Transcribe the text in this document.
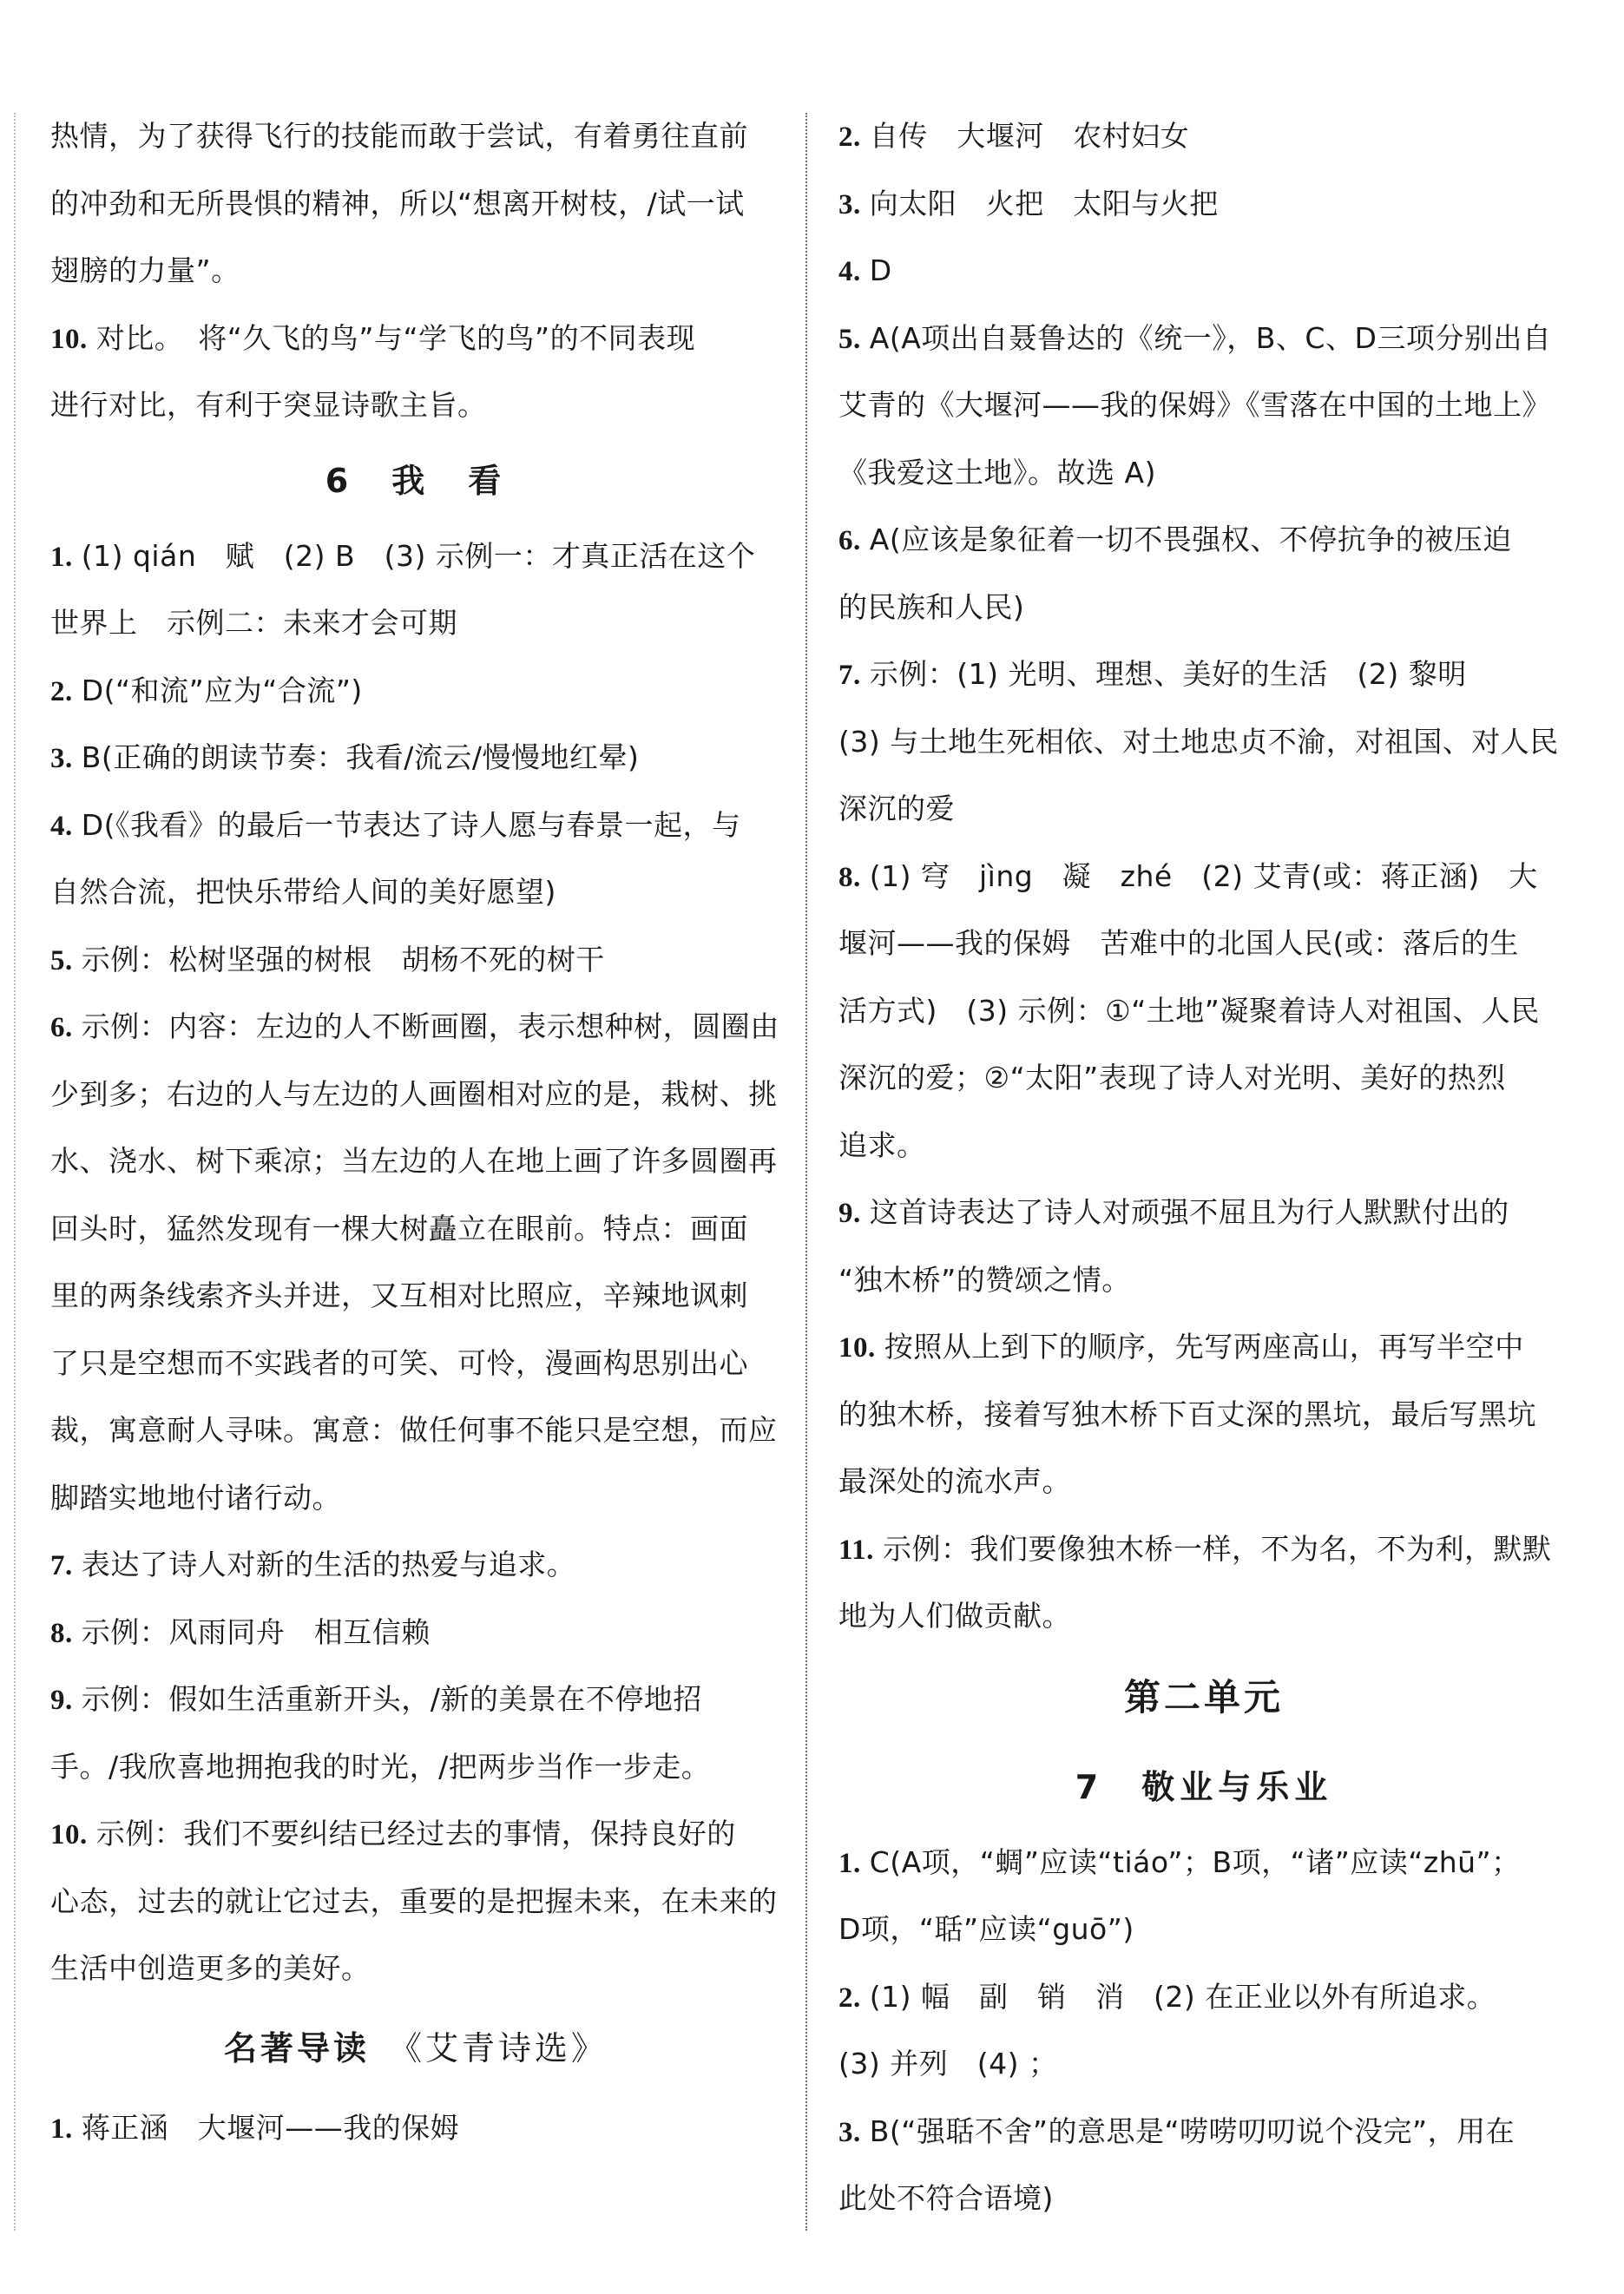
热情，为了获得飞行的技能而敢于尝试，有着勇往直前
的冲劲和无所畏惧的精神，所以“想离开树枝，/试一试
翅膀的力量”。
10. 对比。　将“久飞的鸟”与“学飞的鸟”的不同表现
进行对比，有利于突显诗歌主旨。
6　我　看
1. (1) qián　赋　(2) B　(3) 示例一：才真正活在这个
世界上　示例二：未来才会可期
2. D(“和流”应为“合流”)
3. B(正确的朗读节奏：我看/流云/慢慢地红晕)
4. D(《我看》的最后一节表达了诗人愿与春景一起，与
自然合流，把快乐带给人间的美好愿望)
5. 示例：松树坚强的树根　胡杨不死的树干
6. 示例：内容：左边的人不断画圈，表示想种树，圆圈由
少到多；右边的人与左边的人画圈相对应的是，栽树、挑
水、浇水、树下乘凉；当左边的人在地上画了许多圆圈再
回头时，猛然发现有一棵大树矗立在眼前。特点：画面
里的两条线索齐头并进，又互相对比照应，辛辣地讽刺
了只是空想而不实践者的可笑、可怜，漫画构思别出心
裁，寓意耐人寻味。寓意：做任何事不能只是空想，而应
脚踏实地地付诸行动。
7. 表达了诗人对新的生活的热爱与追求。
8. 示例：风雨同舟　相互信赖
9. 示例：假如生活重新开头，/新的美景在不停地招
手。/我欣喜地拥抱我的时光，/把两步当作一步走。
10. 示例：我们不要纠结已经过去的事情，保持良好的
心态，过去的就让它过去，重要的是把握未来，在未来的
生活中创造更多的美好。
名著导读 《艾青诗选》
1. 蒋正涵　大堰河——我的保姆
2. 自传　大堰河　农村妇女
3. 向太阳　火把　太阳与火把
4. D
5. A(A项出自聂鲁达的《统一》，B、C、D三项分别出自
艾青的《大堰河——我的保姆》《雪落在中国的土地上》
《我爱这土地》。故选 A)
6. A(应该是象征着一切不畏强权、不停抗争的被压迫
的民族和人民)
7. 示例：(1) 光明、理想、美好的生活　(2) 黎明
(3) 与土地生死相依、对土地忠贞不渝，对祖国、对人民
深沉的爱
8. (1) 穹　jìng　凝　zhé　(2) 艾青(或：蒋正涵)　大
堰河——我的保姆　苦难中的北国人民(或：落后的生
活方式)　(3) 示例：①“土地”凝聚着诗人对祖国、人民
深沉的爱；②“太阳”表现了诗人对光明、美好的热烈
追求。
9. 这首诗表达了诗人对顽强不屈且为行人默默付出的
“独木桥”的赞颂之情。
10. 按照从上到下的顺序，先写两座高山，再写半空中
的独木桥，接着写独木桥下百丈深的黑坑，最后写黑坑
最深处的流水声。
11. 示例：我们要像独木桥一样，不为名，不为利，默默
地为人们做贡献。
第二单元
7　敬业与乐业
1. C(A项，“蜩”应读“tiáo”；B项，“诸”应读“zhū”；
D项，“聒”应读“guō”)
2. (1) 幅　副　销　消　(2) 在正业以外有所追求。
(3) 并列　(4) ；
3. B(“强聒不舍”的意思是“唠唠叨叨说个没完”，用在
此处不符合语境)
